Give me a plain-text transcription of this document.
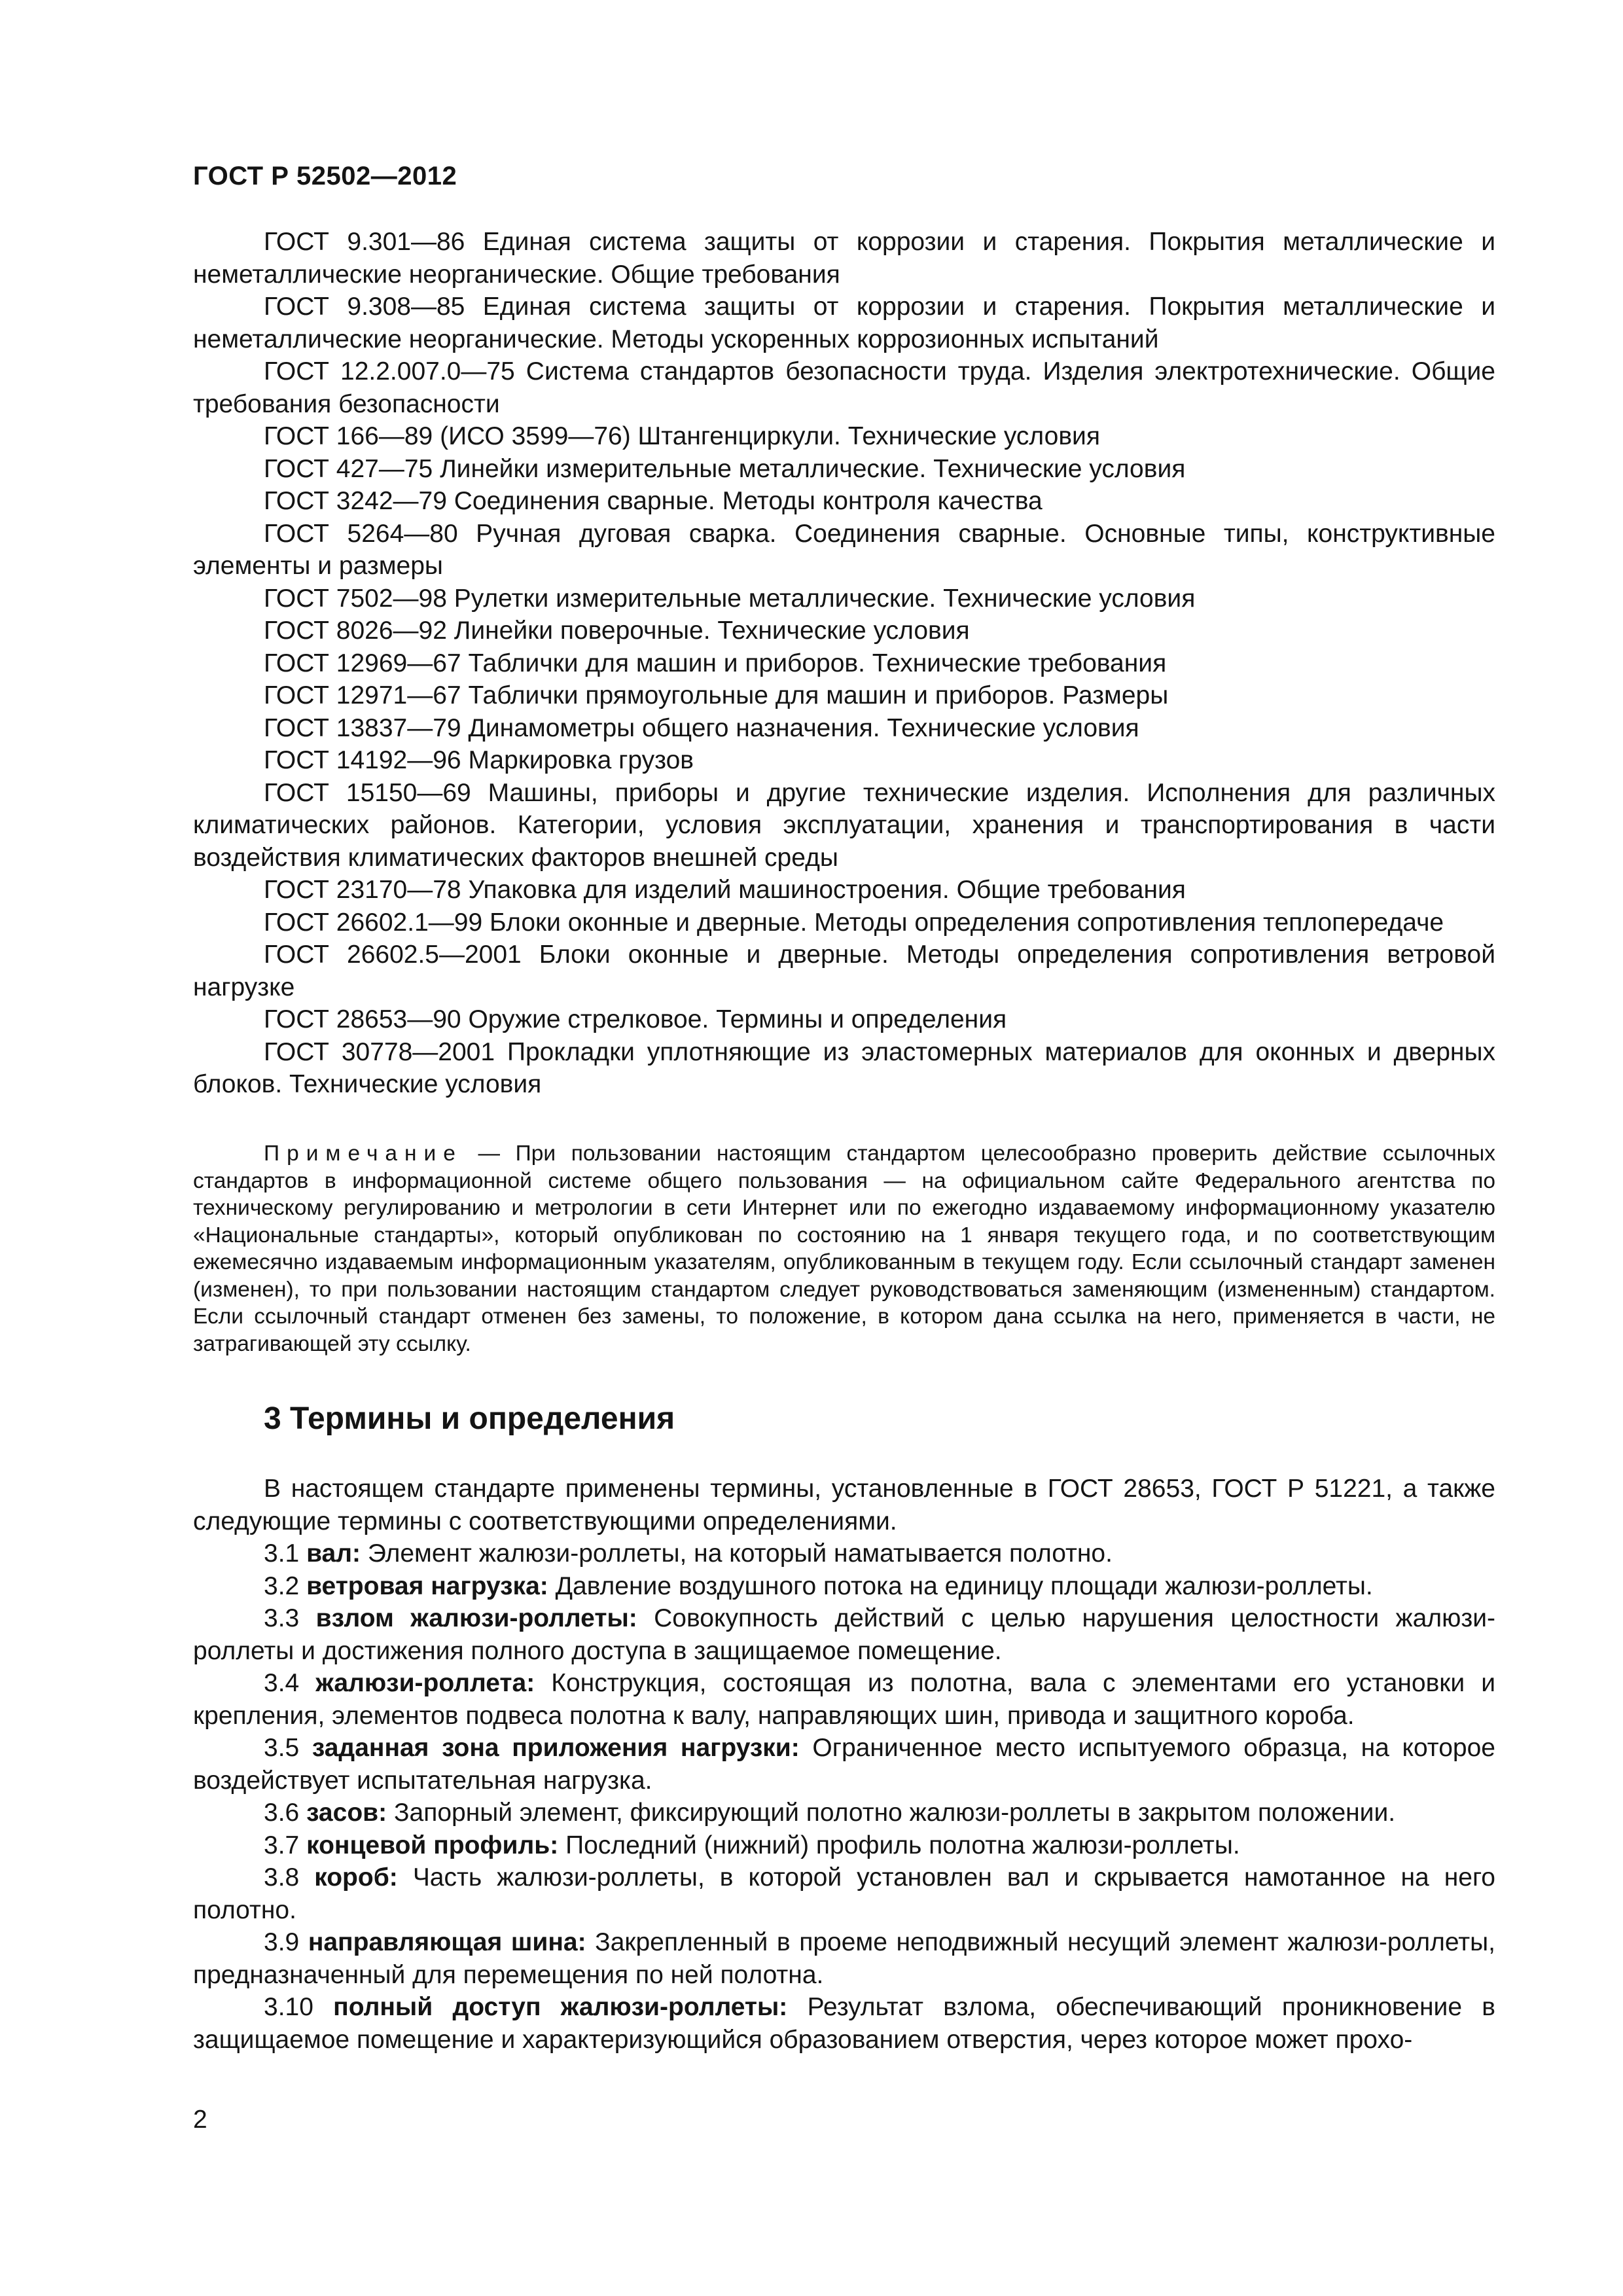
ГОСТ Р 52502—2012

ГОСТ 9.301—86 Единая система защиты от коррозии и старения. Покрытия металлические и неметаллические неорганические. Общие требования

ГОСТ 9.308—85 Единая система защиты от коррозии и старения. Покрытия металлические и неметаллические неорганические. Методы ускоренных коррозионных испытаний

ГОСТ 12.2.007.0—75 Система стандартов безопасности труда. Изделия электротехнические. Общие требования безопасности

ГОСТ 166—89 (ИСО 3599—76) Штангенциркули. Технические условия

ГОСТ 427—75 Линейки измерительные металлические. Технические условия

ГОСТ 3242—79 Соединения сварные. Методы контроля качества

ГОСТ 5264—80 Ручная дуговая сварка. Соединения сварные. Основные типы, конструктивные элементы и размеры

ГОСТ 7502—98 Рулетки измерительные металлические. Технические условия

ГОСТ 8026—92 Линейки поверочные. Технические условия

ГОСТ 12969—67 Таблички для машин и приборов. Технические требования

ГОСТ 12971—67 Таблички прямоугольные для машин и приборов. Размеры

ГОСТ 13837—79 Динамометры общего назначения. Технические условия

ГОСТ 14192—96 Маркировка грузов

ГОСТ 15150—69 Машины, приборы и другие технические изделия. Исполнения для различных климатических районов. Категории, условия эксплуатации, хранения и транспортирования в части воздействия климатических факторов внешней среды

ГОСТ 23170—78 Упаковка для изделий машиностроения. Общие требования

ГОСТ 26602.1—99 Блоки оконные и дверные. Методы определения сопротивления теплопередаче

ГОСТ 26602.5—2001 Блоки оконные и дверные. Методы определения сопротивления ветровой нагрузке

ГОСТ 28653—90 Оружие стрелковое. Термины и определения

ГОСТ 30778—2001 Прокладки уплотняющие из эластомерных материалов для оконных и дверных блоков. Технические условия

Примечание — При пользовании настоящим стандартом целесообразно проверить действие ссылочных стандартов в информационной системе общего пользования — на официальном сайте Федерального агентства по техническому регулированию и метрологии в сети Интернет или по ежегодно издаваемому информационному указателю «Национальные стандарты», который опубликован по состоянию на 1 января текущего года, и по соответствующим ежемесячно издаваемым информационным указателям, опубликованным в текущем году. Если ссылочный стандарт заменен (изменен), то при пользовании настоящим стандартом следует руководствоваться заменяющим (измененным) стандартом. Если ссылочный стандарт отменен без замены, то положение, в котором дана ссылка на него, применяется в части, не затрагивающей эту ссылку.

3 Термины и определения

В настоящем стандарте применены термины, установленные в ГОСТ 28653, ГОСТ Р 51221, а также следующие термины с соответствующими определениями.

3.1 вал: Элемент жалюзи-роллеты, на который наматывается полотно.

3.2 ветровая нагрузка: Давление воздушного потока на единицу площади жалюзи-роллеты.

3.3 взлом жалюзи-роллеты: Совокупность действий с целью нарушения целостности жалюзи-роллеты и достижения полного доступа в защищаемое помещение.

3.4 жалюзи-роллета: Конструкция, состоящая из полотна, вала с элементами его установки и крепления, элементов подвеса полотна к валу, направляющих шин, привода и защитного короба.

3.5 заданная зона приложения нагрузки: Ограниченное место испытуемого образца, на которое воздействует испытательная нагрузка.

3.6 засов: Запорный элемент, фиксирующий полотно жалюзи-роллеты в закрытом положении.

3.7 концевой профиль: Последний (нижний) профиль полотна жалюзи-роллеты.

3.8 короб: Часть жалюзи-роллеты, в которой установлен вал и скрывается намотанное на него полотно.

3.9 направляющая шина: Закрепленный в проеме неподвижный несущий элемент жалюзи-роллеты, предназначенный для перемещения по ней полотна.

3.10 полный доступ жалюзи-роллеты: Результат взлома, обеспечивающий проникновение в защищаемое помещение и характеризующийся образованием отверстия, через которое может прохо-

2
